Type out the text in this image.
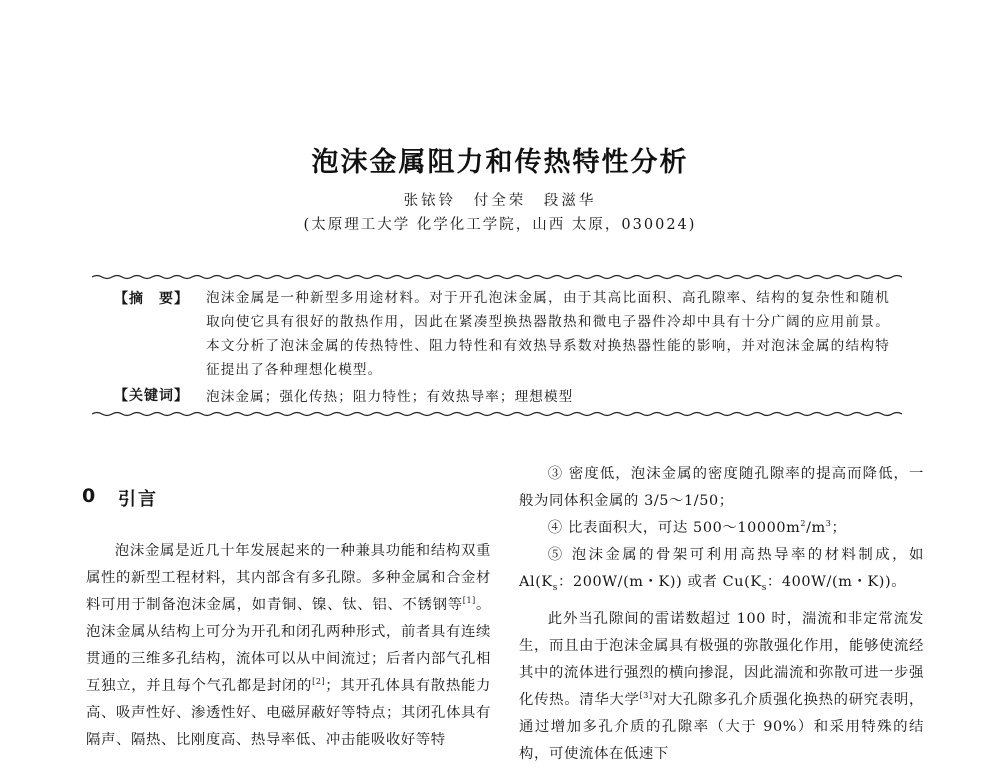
泡沫金属阻力和传热特性分析
张铱铃 付全荣 段滋华
(太原理工大学 化学化工学院，山西 太原，030024)
【摘　要】 泡沫金属是一种新型多用途材料。对于开孔泡沫金属，由于其高比面积、高孔隙率、结构的复杂性和随机取向使它具有很好的散热作用，因此在紧凑型换热器散热和微电子器件冷却中具有十分广阔的应用前景。本文分析了泡沫金属的传热特性、阻力特性和有效热导系数对换热器性能的影响，并对泡沫金属的结构特征提出了各种理想化模型。
【关键词】 泡沫金属；强化传热；阻力特性；有效热导率；理想模型
0 引言

泡沫金属是近几十年发展起来的一种兼具功能和结构双重属性的新型工程材料，其内部含有多孔隙。多种金属和合金材料可用于制备泡沫金属，如青铜、镍、钛、铝、不锈钢等[1]。泡沫金属从结构上可分为开孔和闭孔两种形式，前者具有连续贯通的三维多孔结构，流体可以从中间流过；后者内部气孔相互独立，并且每个气孔都是封闭的[2]；其开孔体具有散热能力高、吸声性好、渗透性好、电磁屏蔽好等特点；其闭孔体具有隔声、隔热、比刚度高、热导率低、冲击能吸收好等特

③ 密度低，泡沫金属的密度随孔隙率的提高而降低，一般为同体积金属的 3/5～1/50；

④ 比表面积大，可达 $500\sim 10000m^2/m^3$；

⑤ 泡沫金属的骨架可利用高热导率的材料制成，如 $Al(K_s$：200W/(m・K)) 或者 $Cu(K_s$：400W/(m・K))。

此外当孔隙间的雷诺数超过 100 时，湍流和非定常流发生，而且由于泡沫金属具有极强的弥散强化作用，能够使流经其中的流体进行强烈的横向掺混，因此湍流和弥散可进一步强化传热。清华大学[3]对大孔隙多孔介质强化换热的研究表明，通过增加多孔介质的孔隙率（大于 90%）和采用特殊的结构，可使流体在低速下
